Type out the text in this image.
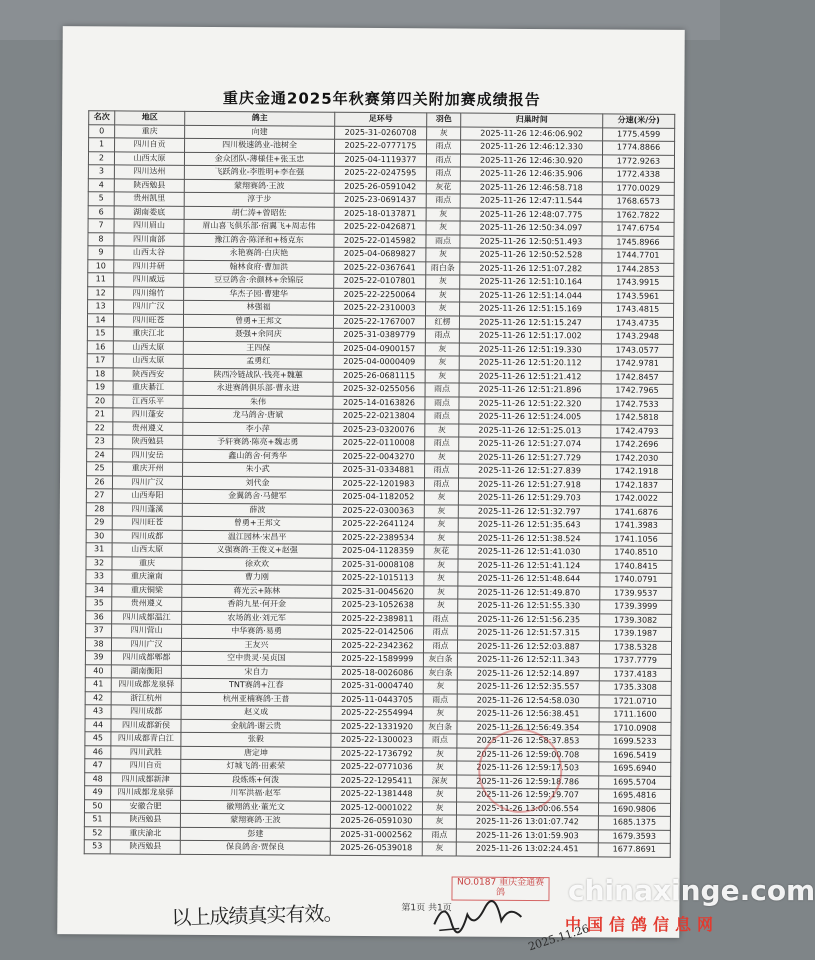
重庆金通2025年秋赛第四关附加赛成绩报告
名次	地区	鸽主	足环号	羽色	归巢时间	分速(米/分)
0	重庆	向建	2025-31-0260708	灰	2025-11-26 12:46:06.902	1775.4599
1	四川自贡	四川极速鸽业-池树全	2025-22-0777175	雨点	2025-11-26 12:46:12.330	1774.8866
2	山西太原	金众团队-薄様佳+张玉忠	2025-04-1119377	雨点	2025-11-26 12:46:30.920	1772.9263
3	四川达州	飞跃鸽业-李胜明+李在强	2025-22-0247595	雨点	2025-11-26 12:46:35.906	1772.4338
4	陕西勉县	蒙翔赛鸽·王波	2025-26-0591042	灰花	2025-11-26 12:46:58.718	1770.0029
5	贵州凯里	淳于步	2025-23-0691437	雨点	2025-11-26 12:47:11.544	1768.6573
6	湖南娄底	胡仁涛+曾昭佐	2025-18-0137871	灰	2025-11-26 12:48:07.775	1762.7822
7	四川眉山	眉山喜飞俱乐部·宿翼飞+周志伟	2025-22-0426871	灰	2025-11-26 12:50:34.097	1747.6754
8	四川南部	豫江鸽舍·陈泽和+杨克东	2025-22-0145982	雨点	2025-11-26 12:50:51.493	1745.8966
9	山西太谷	永艳赛鸽·白庆艳	2025-04-0689827	灰	2025-11-26 12:50:52.528	1744.7701
10	四川井研	翰林食府·曹加洪	2025-22-0367641	雨白条	2025-11-26 12:51:07.282	1744.2853
11	四川威远	豆豆鸽舍·余颜林+余锦辰	2025-22-0107801	灰	2025-11-26 12:51:10.164	1743.9915
12	四川绵竹	华杰子园·曹建华	2025-22-2250064	灰	2025-11-26 12:51:14.044	1743.5961
13	四川广汉	林强福	2025-22-2310003	灰	2025-11-26 12:51:15.169	1743.4815
14	四川旺苍	曾勇+王邦文	2025-22-1767007	红楞	2025-11-26 12:51:15.247	1743.4735
15	重庆江北	聂强+余同庆	2025-31-0389779	雨点	2025-11-26 12:51:17.002	1743.2948
16	山西太原	王四保	2025-04-0900157	灰	2025-11-26 12:51:19.330	1743.0577
17	山西太原	孟勇红	2025-04-0000409	灰	2025-11-26 12:51:20.112	1742.9781
18	陕西西安	陕西冷链战队·钱亮+魏蕙	2025-26-0681115	灰	2025-11-26 12:51:21.412	1742.8457
19	重庆綦江	永进赛鸽俱乐部·曹永进	2025-32-0255056	雨点	2025-11-26 12:51:21.896	1742.7965
20	江西乐平	朱伟	2025-14-0163826	雨点	2025-11-26 12:51:22.320	1742.7533
21	四川蓬安	龙马鸽舍·唐斌	2025-22-0213804	雨点	2025-11-26 12:51:24.005	1742.5818
22	贵州遵义	李小萍	2025-23-0320076	灰	2025-11-26 12:51:25.013	1742.4793
23	陕西勉县	予轩赛鸽·陈亮+魏志勇	2025-22-0110008	雨点	2025-11-26 12:51:27.074	1742.2696
24	四川安岳	鑫山鸽舍·何秀华	2025-22-0043270	灰	2025-11-26 12:51:27.729	1742.2030
25	重庆开州	朱小武	2025-31-0334881	雨点	2025-11-26 12:51:27.839	1742.1918
26	四川广汉	刘代金	2025-22-1201983	雨点	2025-11-26 12:51:27.918	1742.1837
27	山西寿阳	金翼鸽舍·马健军	2025-04-1182052	灰	2025-11-26 12:51:29.703	1742.0022
28	四川蓬溪	薛波	2025-22-0300363	灰	2025-11-26 12:51:32.797	1741.6876
29	四川旺苍	曾勇+王邦文	2025-22-2641124	灰	2025-11-26 12:51:35.643	1741.3983
30	四川成都	温江园林·宋昌平	2025-22-2389534	灰	2025-11-26 12:51:38.524	1741.1056
31	山西太原	义强赛鸽·王俊义+赵强	2025-04-1128359	灰花	2025-11-26 12:51:41.030	1740.8510
32	重庆	徐欢欢	2025-31-0008108	灰	2025-11-26 12:51:41.124	1740.8415
33	重庆潼南	曹力刚	2025-22-1015113	灰	2025-11-26 12:51:48.644	1740.0791
34	重庆铜梁	蒋光云+陈林	2025-31-0045620	灰	2025-11-26 12:51:49.870	1739.9537
35	贵州遵义	香韵九星·何开金	2025-23-1052638	灰	2025-11-26 12:51:55.330	1739.3999
36	四川成都温江	农场鸽业·刘元军	2025-22-2389811	雨点	2025-11-26 12:51:56.235	1739.3082
37	四川营山	中华赛鸽·易勇	2025-22-0142506	雨点	2025-11-26 12:51:57.315	1739.1987
38	四川广汉	王友兴	2025-22-2342362	雨点	2025-11-26 12:52:03.887	1738.5328
39	四川成都郫都	空中贵灵·吴贞国	2025-22-1589999	灰白条	2025-11-26 12:52:11.343	1737.7779
40	湖南衡阳	宋自力	2025-18-0026086	灰白条	2025-11-26 12:52:14.897	1737.4183
41	四川成都龙泉驿	TNT赛鸽+江春	2025-31-0004740	灰	2025-11-26 12:52:35.557	1735.3308
42	浙江杭州	杭州亚楠赛鸽·王普	2025-11-0443705	雨点	2025-11-26 12:54:58.030	1721.0710
43	四川成都	赵义成	2025-22-2554994	灰	2025-11-26 12:56:38.451	1711.1600
44	四川成都新侯	金航鸽·谢云贵	2025-22-1331920	灰白条	2025-11-26 12:56:49.354	1710.0908
45	四川成都青白江	张毅	2025-22-1300023	雨点	2025-11-26 12:58:37.853	1699.5233
46	四川武胜	唐定坤	2025-22-1736792	灰	2025-11-26 12:59:00.708	1696.5419
47	四川自贡	灯城飞鸽·田素荣	2025-22-0771036	灰	2025-11-26 12:59:17.503	1695.6940
48	四川成都新津	段炼炼+何泼	2025-22-1295411	深灰	2025-11-26 12:59:18.786	1695.5704
49	四川成都龙泉驿	川军洪福·赵军	2025-22-1381448	灰	2025-11-26 12:59:19.707	1695.4816
50	安徽合肥	徽翔鸽业·董光文	2025-12-0001022	灰	2025-11-26 13:00:06.554	1690.9806
51	陕西勉县	蒙翔赛鸽·王波	2025-26-0591030	灰	2025-11-26 13:01:07.742	1685.1375
52	重庆渝北	彭建	2025-31-0002562	雨点	2025-11-26 13:01:59.903	1679.3593
53	陕西勉县	保良鸽舍·贾保良	2025-26-0539018	灰	2025-11-26 13:02:24.451	1677.8691
NO.0187 重庆金通赛鸽
以上成绩真实有效。	第1页 共1页
2025.11.26
chinaxinge.com
中国信鸽信息网
